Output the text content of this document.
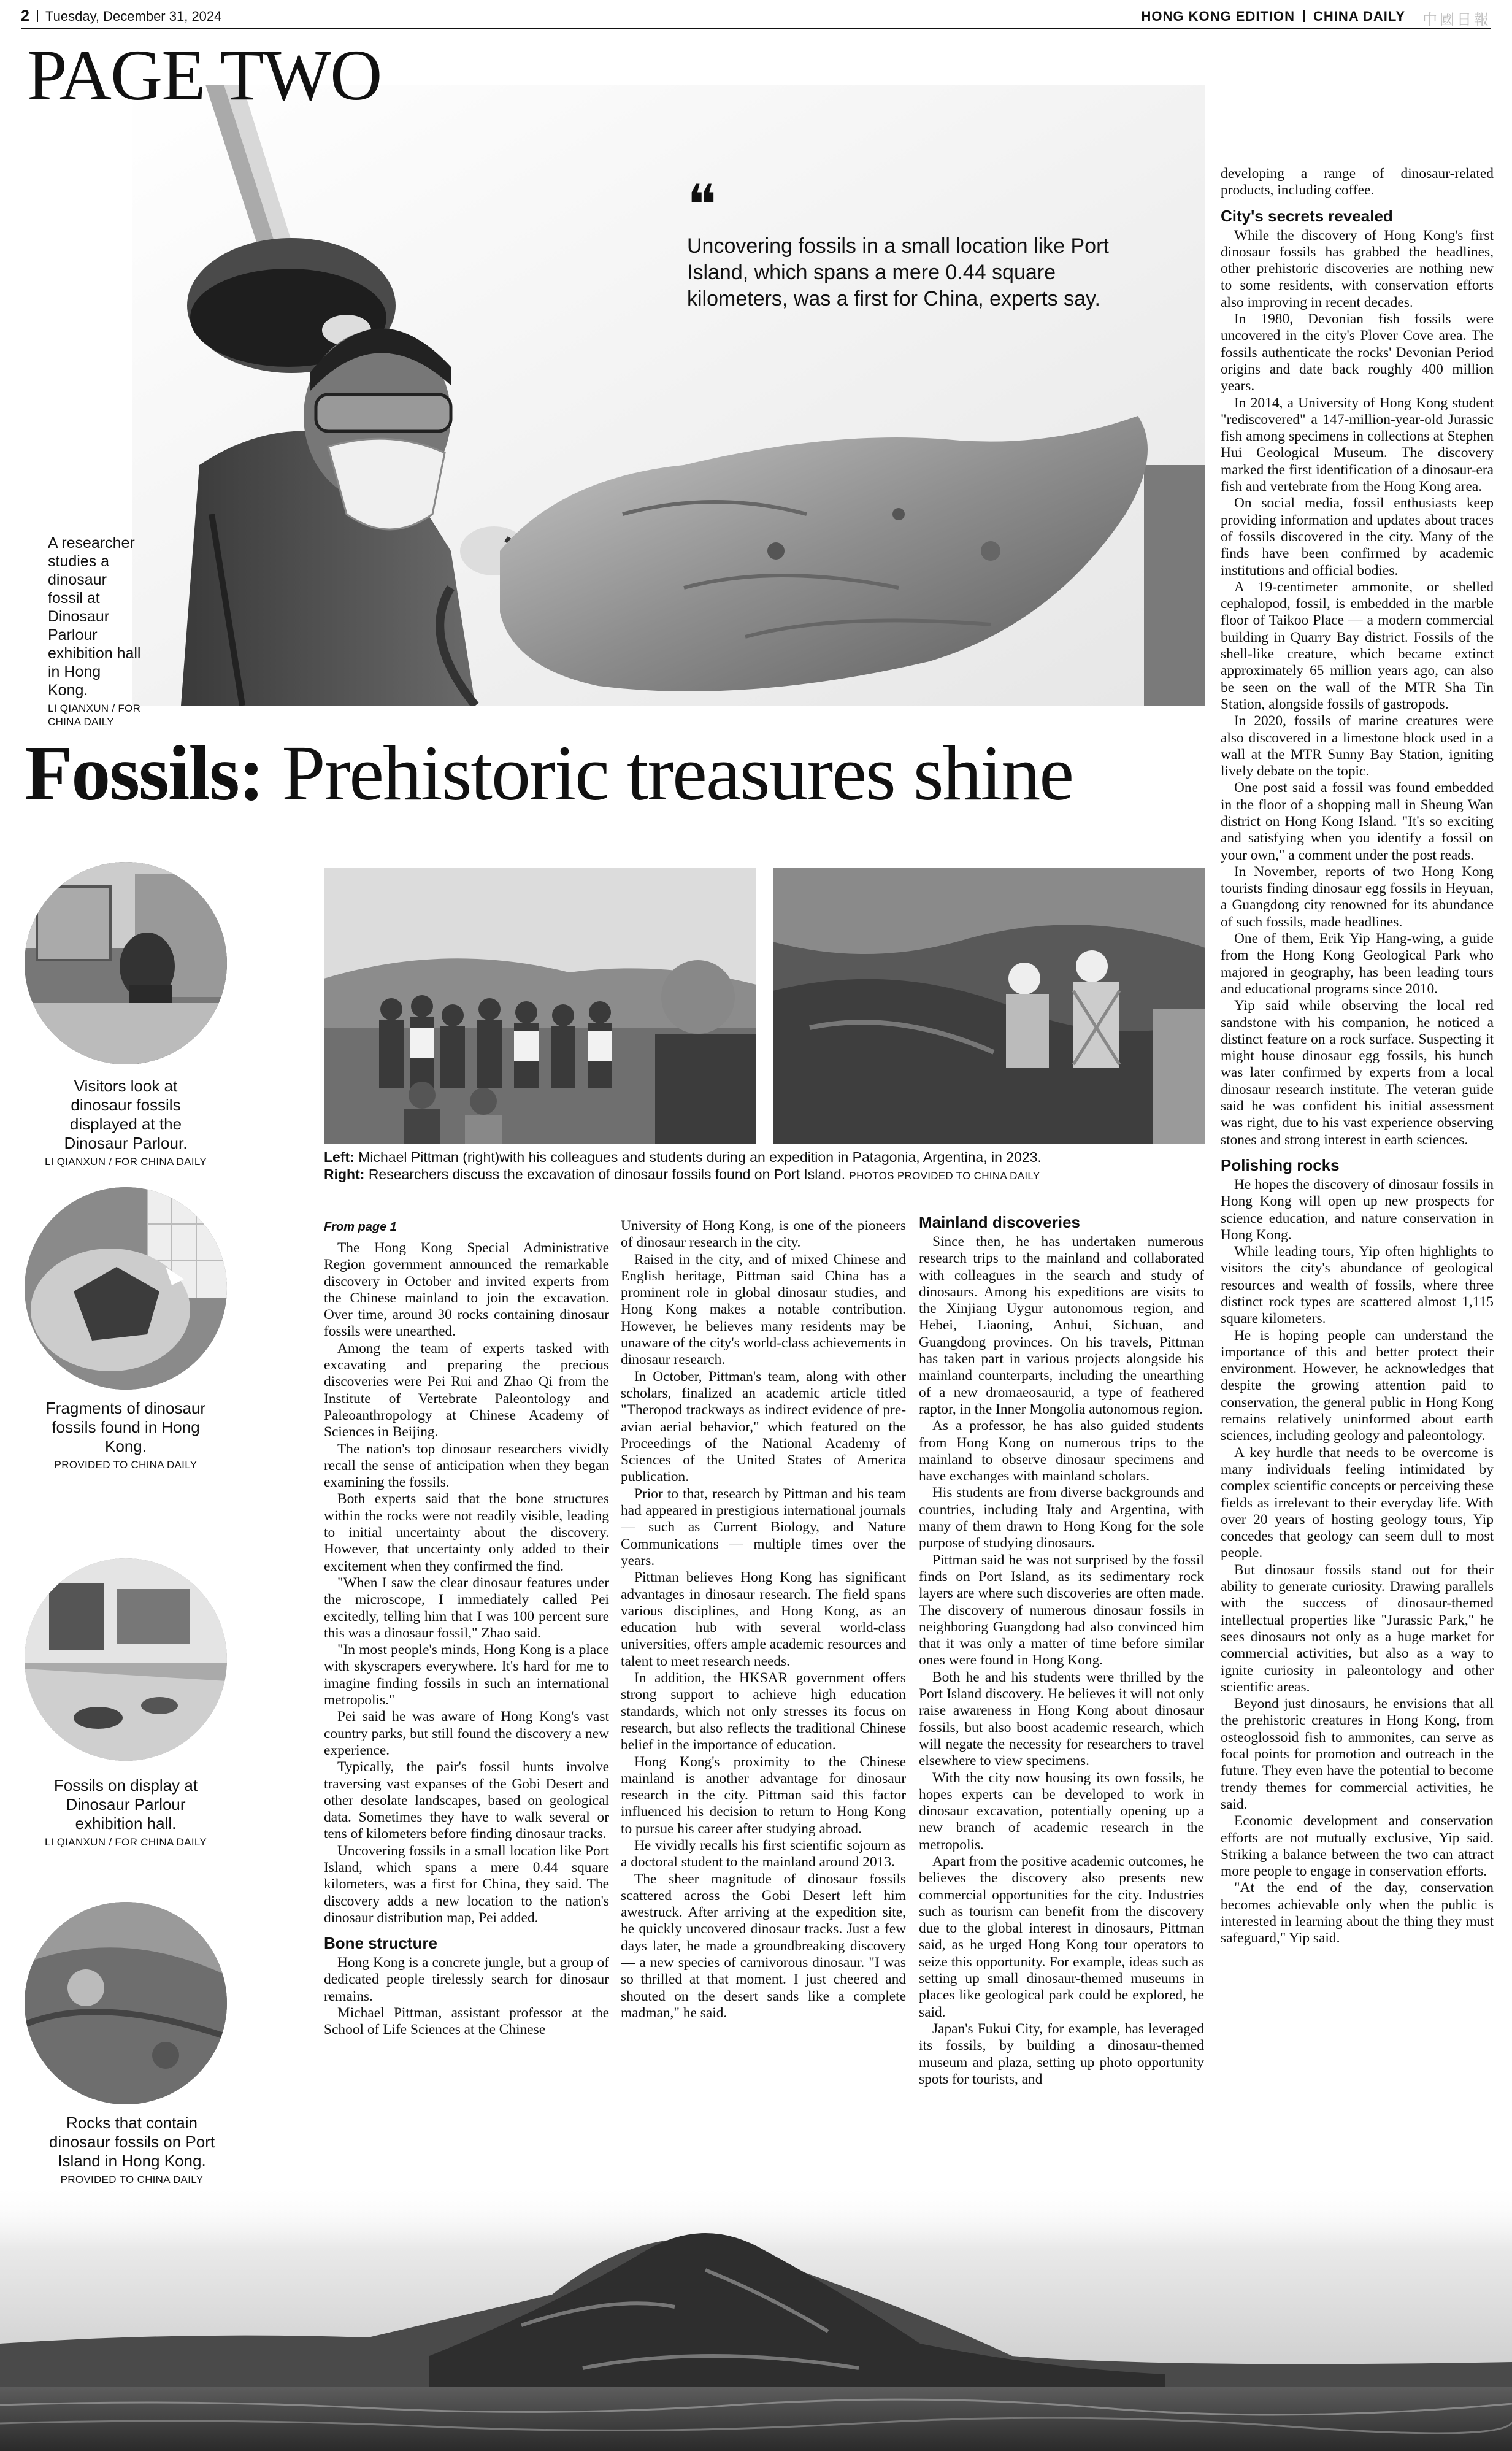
2 Tuesday, December 31, 2024	HONG KONG EDITION CHINA DAILY 中國日報
PAGE TWO
❝
Uncovering fossils in a small location like Port Island, which spans a mere 0.44 square kilometers, was a first for China, experts say.
A researcher studies a dinosaur fossil at Dinosaur Parlour exhibition hall in Hong Kong.
LI QIANXUN / FOR CHINA DAILY
Fossils: Prehistoric treasures shine
Visitors look at dinosaur fossils displayed at the Dinosaur Parlour.
LI QIANXUN / FOR CHINA DAILY
Fragments of dinosaur fossils found in Hong Kong.
PROVIDED TO CHINA DAILY
Fossils on display at Dinosaur Parlour exhibition hall.
LI QIANXUN / FOR CHINA DAILY
Rocks that contain dinosaur fossils on Port Island in Hong Kong.
PROVIDED TO CHINA DAILY
Left: Michael Pittman (right)with his colleagues and students during an expedition in Patagonia, Argentina, in 2023.
Right: Researchers discuss the excavation of dinosaur fossils found on Port Island. PHOTOS PROVIDED TO CHINA DAILY
From page 1

The Hong Kong Special Administrative Region government announced the remarkable discovery in October and invited experts from the Chinese mainland to join the excavation. Over time, around 30 rocks containing dinosaur fossils were unearthed.

Among the team of experts tasked with excavating and preparing the precious discoveries were Pei Rui and Zhao Qi from the Institute of Vertebrate Paleontology and Paleoanthropology at Chinese Academy of Sciences in Beijing.

The nation's top dinosaur researchers vividly recall the sense of anticipation when they began examining the fossils.

Both experts said that the bone structures within the rocks were not readily visible, leading to initial uncertainty about the discovery. However, that uncertainty only added to their excitement when they confirmed the find.

"When I saw the clear dinosaur features under the microscope, I immediately called Pei excitedly, telling him that I was 100 percent sure this was a dinosaur fossil," Zhao said.

"In most people's minds, Hong Kong is a place with skyscrapers everywhere. It's hard for me to imagine finding fossils in such an international metropolis."

Pei said he was aware of Hong Kong's vast country parks, but still found the discovery a new experience.

Typically, the pair's fossil hunts involve traversing vast expanses of the Gobi Desert and other desolate landscapes, based on geological data. Sometimes they have to walk several or tens of kilometers before finding dinosaur tracks.

Uncovering fossils in a small location like Port Island, which spans a mere 0.44 square kilometers, was a first for China, they said. The discovery adds a new location to the nation's dinosaur distribution map, Pei added.

Bone structure

Hong Kong is a concrete jungle, but a group of dedicated people tirelessly search for dinosaur remains.

Michael Pittman, assistant professor at the School of Life Sciences at the Chinese

University of Hong Kong, is one of the pioneers of dinosaur research in the city.

Raised in the city, and of mixed Chinese and English heritage, Pittman said China has a prominent role in global dinosaur studies, and Hong Kong makes a notable contribution. However, he believes many residents may be unaware of the city's world-class achievements in dinosaur research.

In October, Pittman's team, along with other scholars, finalized an academic article titled "Theropod trackways as indirect evidence of pre-avian aerial behavior," which featured on the Proceedings of the National Academy of Sciences of the United States of America publication.

Prior to that, research by Pittman and his team had appeared in prestigious international journals — such as Current Biology, and Nature Communications — multiple times over the years.

Pittman believes Hong Kong has significant advantages in dinosaur research. The field spans various disciplines, and Hong Kong, as an education hub with several world-class universities, offers ample academic resources and talent to meet research needs.

In addition, the HKSAR government offers strong support to achieve high education standards, which not only stresses its focus on research, but also reflects the traditional Chinese belief in the importance of education.

Hong Kong's proximity to the Chinese mainland is another advantage for dinosaur research in the city. Pittman said this factor influenced his decision to return to Hong Kong to pursue his career after studying abroad.

He vividly recalls his first scientific sojourn as a doctoral student to the mainland around 2013.

The sheer magnitude of dinosaur fossils scattered across the Gobi Desert left him awestruck. After arriving at the expedition site, he quickly uncovered dinosaur tracks. Just a few days later, he made a groundbreaking discovery — a new species of carnivorous dinosaur. "I was so thrilled at that moment. I just cheered and shouted on the desert sands like a complete madman," he said.

Mainland discoveries

Since then, he has undertaken numerous research trips to the mainland and collaborated with colleagues in the search and study of dinosaurs. Among his expeditions are visits to the Xinjiang Uygur autonomous region, and Hebei, Liaoning, Anhui, Sichuan, and Guangdong provinces. On his travels, Pittman has taken part in various projects alongside his mainland counterparts, including the unearthing of a new dromaeosaurid, a type of feathered raptor, in the Inner Mongolia autonomous region.

As a professor, he has also guided students from Hong Kong on numerous trips to the mainland to observe dinosaur specimens and have exchanges with mainland scholars.

His students are from diverse backgrounds and countries, including Italy and Argentina, with many of them drawn to Hong Kong for the sole purpose of studying dinosaurs.

Pittman said he was not surprised by the fossil finds on Port Island, as its sedimentary rock layers are where such discoveries are often made. The discovery of numerous dinosaur fossils in neighboring Guangdong had also convinced him that it was only a matter of time before similar ones were found in Hong Kong.

Both he and his students were thrilled by the Port Island discovery. He believes it will not only raise awareness in Hong Kong about dinosaur fossils, but also boost academic research, which will negate the necessity for researchers to travel elsewhere to view specimens.

With the city now housing its own fossils, he hopes experts can be developed to work in dinosaur excavation, potentially opening up a new branch of academic research in the metropolis.

Apart from the positive academic outcomes, he believes the discovery also presents new commercial opportunities for the city. Industries such as tourism can benefit from the discovery due to the global interest in dinosaurs, Pittman said, as he urged Hong Kong tour operators to seize this opportunity. For example, ideas such as setting up small dinosaur-themed museums in places like geological park could be explored, he said.

Japan's Fukui City, for example, has leveraged its fossils, by building a dinosaur-themed museum and plaza, setting up photo opportunity spots for tourists, and

developing a range of dinosaur-related products, including coffee.

City's secrets revealed

While the discovery of Hong Kong's first dinosaur fossils has grabbed the headlines, other prehistoric discoveries are nothing new to some residents, with conservation efforts also improving in recent decades.

In 1980, Devonian fish fossils were uncovered in the city's Plover Cove area. The fossils authenticate the rocks' Devonian Period origins and date back roughly 400 million years.

In 2014, a University of Hong Kong student "rediscovered" a 147-million-year-old Jurassic fish among specimens in collections at Stephen Hui Geological Museum. The discovery marked the first identification of a dinosaur-era fish and vertebrate from the Hong Kong area.

On social media, fossil enthusiasts keep providing information and updates about traces of fossils discovered in the city. Many of the finds have been confirmed by academic institutions and official bodies.

A 19-centimeter ammonite, or shelled cephalopod, fossil, is embedded in the marble floor of Taikoo Place — a modern commercial building in Quarry Bay district. Fossils of the shell-like creature, which became extinct approximately 65 million years ago, can also be seen on the wall of the MTR Sha Tin Station, alongside fossils of gastropods.

In 2020, fossils of marine creatures were also discovered in a limestone block used in a wall at the MTR Sunny Bay Station, igniting lively debate on the topic.

One post said a fossil was found embedded in the floor of a shopping mall in Sheung Wan district on Hong Kong Island. "It's so exciting and satisfying when you identify a fossil on your own," a comment under the post reads.

In November, reports of two Hong Kong tourists finding dinosaur egg fossils in Heyuan, a Guangdong city renowned for its abundance of such fossils, made headlines.

One of them, Erik Yip Hang-wing, a guide from the Hong Kong Geological Park who majored in geography, has been leading tours and educational programs since 2010.

Yip said while observing the local red sandstone with his companion, he noticed a distinct feature on a rock surface. Suspecting it might house dinosaur egg fossils, his hunch was later confirmed by experts from a local dinosaur research institute. The veteran guide said he was confident his initial assessment was right, due to his vast experience observing stones and strong interest in earth sciences.

Polishing rocks

He hopes the discovery of dinosaur fossils in Hong Kong will open up new prospects for science education, and nature conservation in Hong Kong.

While leading tours, Yip often highlights to visitors the city's abundance of geological resources and wealth of fossils, where three distinct rock types are scattered almost 1,115 square kilometers.

He is hoping people can understand the importance of this and better protect their environment. However, he acknowledges that despite the growing attention paid to conservation, the general public in Hong Kong remains relatively uninformed about earth sciences, including geology and paleontology.

A key hurdle that needs to be overcome is many individuals feeling intimidated by complex scientific concepts or perceiving these fields as irrelevant to their everyday life. With over 20 years of hosting geology tours, Yip concedes that geology can seem dull to most people.

But dinosaur fossils stand out for their ability to generate curiosity. Drawing parallels with the success of dinosaur-themed intellectual properties like "Jurassic Park," he sees dinosaurs not only as a huge market for commercial activities, but also as a way to ignite curiosity in paleontology and other scientific areas.

Beyond just dinosaurs, he envisions that all the prehistoric creatures in Hong Kong, from osteoglossoid fish to ammonites, can serve as focal points for promotion and outreach in the future. They even have the potential to become trendy themes for commercial activities, he said.

Economic development and conservation efforts are not mutually exclusive, Yip said. Striking a balance between the two can attract more people to engage in conservation efforts.

"At the end of the day, conservation becomes achievable only when the public is interested in learning about the thing they must safeguard," Yip said.
